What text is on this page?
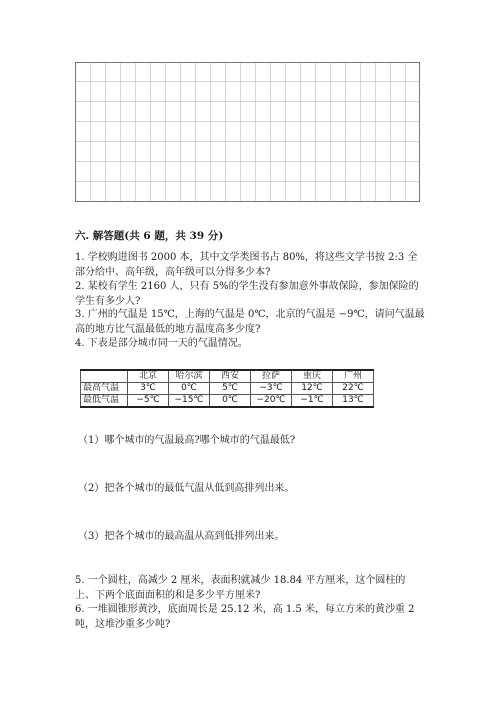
六. 解答题(共 6 题，共 39 分)

1. 学校购进图书 2000 本，其中文学类图书占 80%，将这些文学书按 2:3 全部分给中、高年级，高年级可以分得多少本?

2. 某校有学生 2160 人，只有 5%的学生没有参加意外事故保险，参加保险的学生有多少人?

3. 广州的气温是 15℃，上海的气温是 0℃，北京的气温是 −9℃，请问气温最高的地方比气温最低的地方温度高多少度?

4. 下表是部分城市同一天的气温情况。

	北京	哈尔滨	西安	拉萨	重庆	广州
最高气温	3℃	0℃	5℃	−3℃	12℃	22℃
最低气温	−5℃	−15℃	0℃	−20℃	−1℃	13℃

（1）哪个城市的气温最高?哪个城市的气温最低?

（2）把各个城市的最低气温从低到高排列出来。

（3）把各个城市的最高温从高到低排列出来。

5. 一个圆柱，高减少 2 厘米，表面积就减少 18.84 平方厘米，这个圆柱的上、下两个底面面积的和是多少平方厘米?

6. 一堆圆锥形黄沙，底面周长是 25.12 米，高 1.5 米，每立方米的黄沙重 2 吨，这堆沙重多少吨?
